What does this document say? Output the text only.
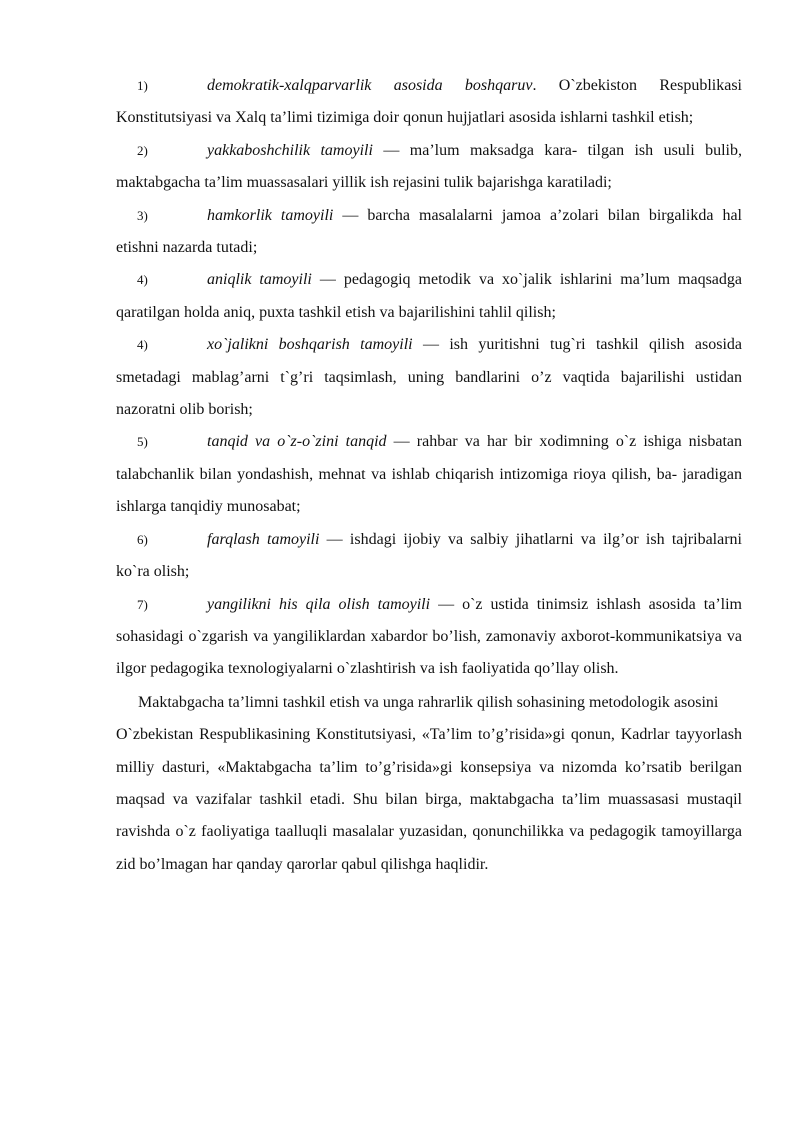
1)	demokratik-xalqparvarlik asosida boshqaruv. O`zbekiston Respublikasi Konstitutsiyasi va Xalq ta’limi tizimiga doir qonun hujjatlari asosida ishlarni tashkil etish;

2)	yakkaboshchilik tamoyili — ma’lum maksadga kara- tilgan ish usuli bulib, maktabgacha ta’lim muassasalari yillik ish rejasini tulik bajarishga karatiladi;

3)	hamkorlik tamoyili — barcha masalalarni jamoa a’zolari bilan birgalikda hal etishni nazarda tutadi;

4)	aniqlik tamoyili — pedagogiq metodik va xo`jalik ishlarini ma’lum maqsadga qaratilgan holda aniq, puxta tashkil etish va bajarilishini tahlil qilish;

4)	xo`jalikni boshqarish tamoyili — ish yuritishni tug`ri tashkil qilish asosida smetadagi mablag’arni t`g’ri taqsimlash, uning bandlarini o’z vaqtida bajarilishi ustidan nazoratni olib borish;

5)	tanqid va o`z-o`zini tanqid — rahbar va har bir xodimning o`z ishiga nisbatan talabchanlik bilan yondashish, mehnat va ishlab chiqarish intizomiga rioya qilish, ba- jaradigan ishlarga tanqidiy munosabat;

6)	farqlash tamoyili — ishdagi ijobiy va salbiy jihatlarni va ilg’or ish tajribalarni ko`ra olish;

7)	yangilikni his qila olish tamoyili — o`z ustida tinimsiz ishlash asosida ta’lim sohasidagi o`zgarish va yangiliklardan xabardor bo’lish, zamonaviy axborot-kommunikatsiya va ilgor pedagogika texnologiyalarni o`zlashtirish va ish faoliyatida qo’llay olish.

Maktabgacha ta’limni tashkil etish va unga rahrarlik qilish sohasining metodologik asosini

O`zbekistan Respublikasining Konstitutsiyasi, «Ta’lim to’g’risida»gi qonun, Kadrlar tayyorlash milliy dasturi, «Maktabgacha ta’lim to’g’risida»gi konsepsiya va nizomda ko’rsatib berilgan maqsad va vazifalar tashkil etadi. Shu bilan birga, maktabgacha ta’lim muassasasi mustaqil ravishda o`z faoliyatiga taalluqli masalalar yuzasidan, qonunchilikka va pedagogik tamoyillarga zid bo’lmagan har qanday qarorlar qabul qilishga haqlidir.
